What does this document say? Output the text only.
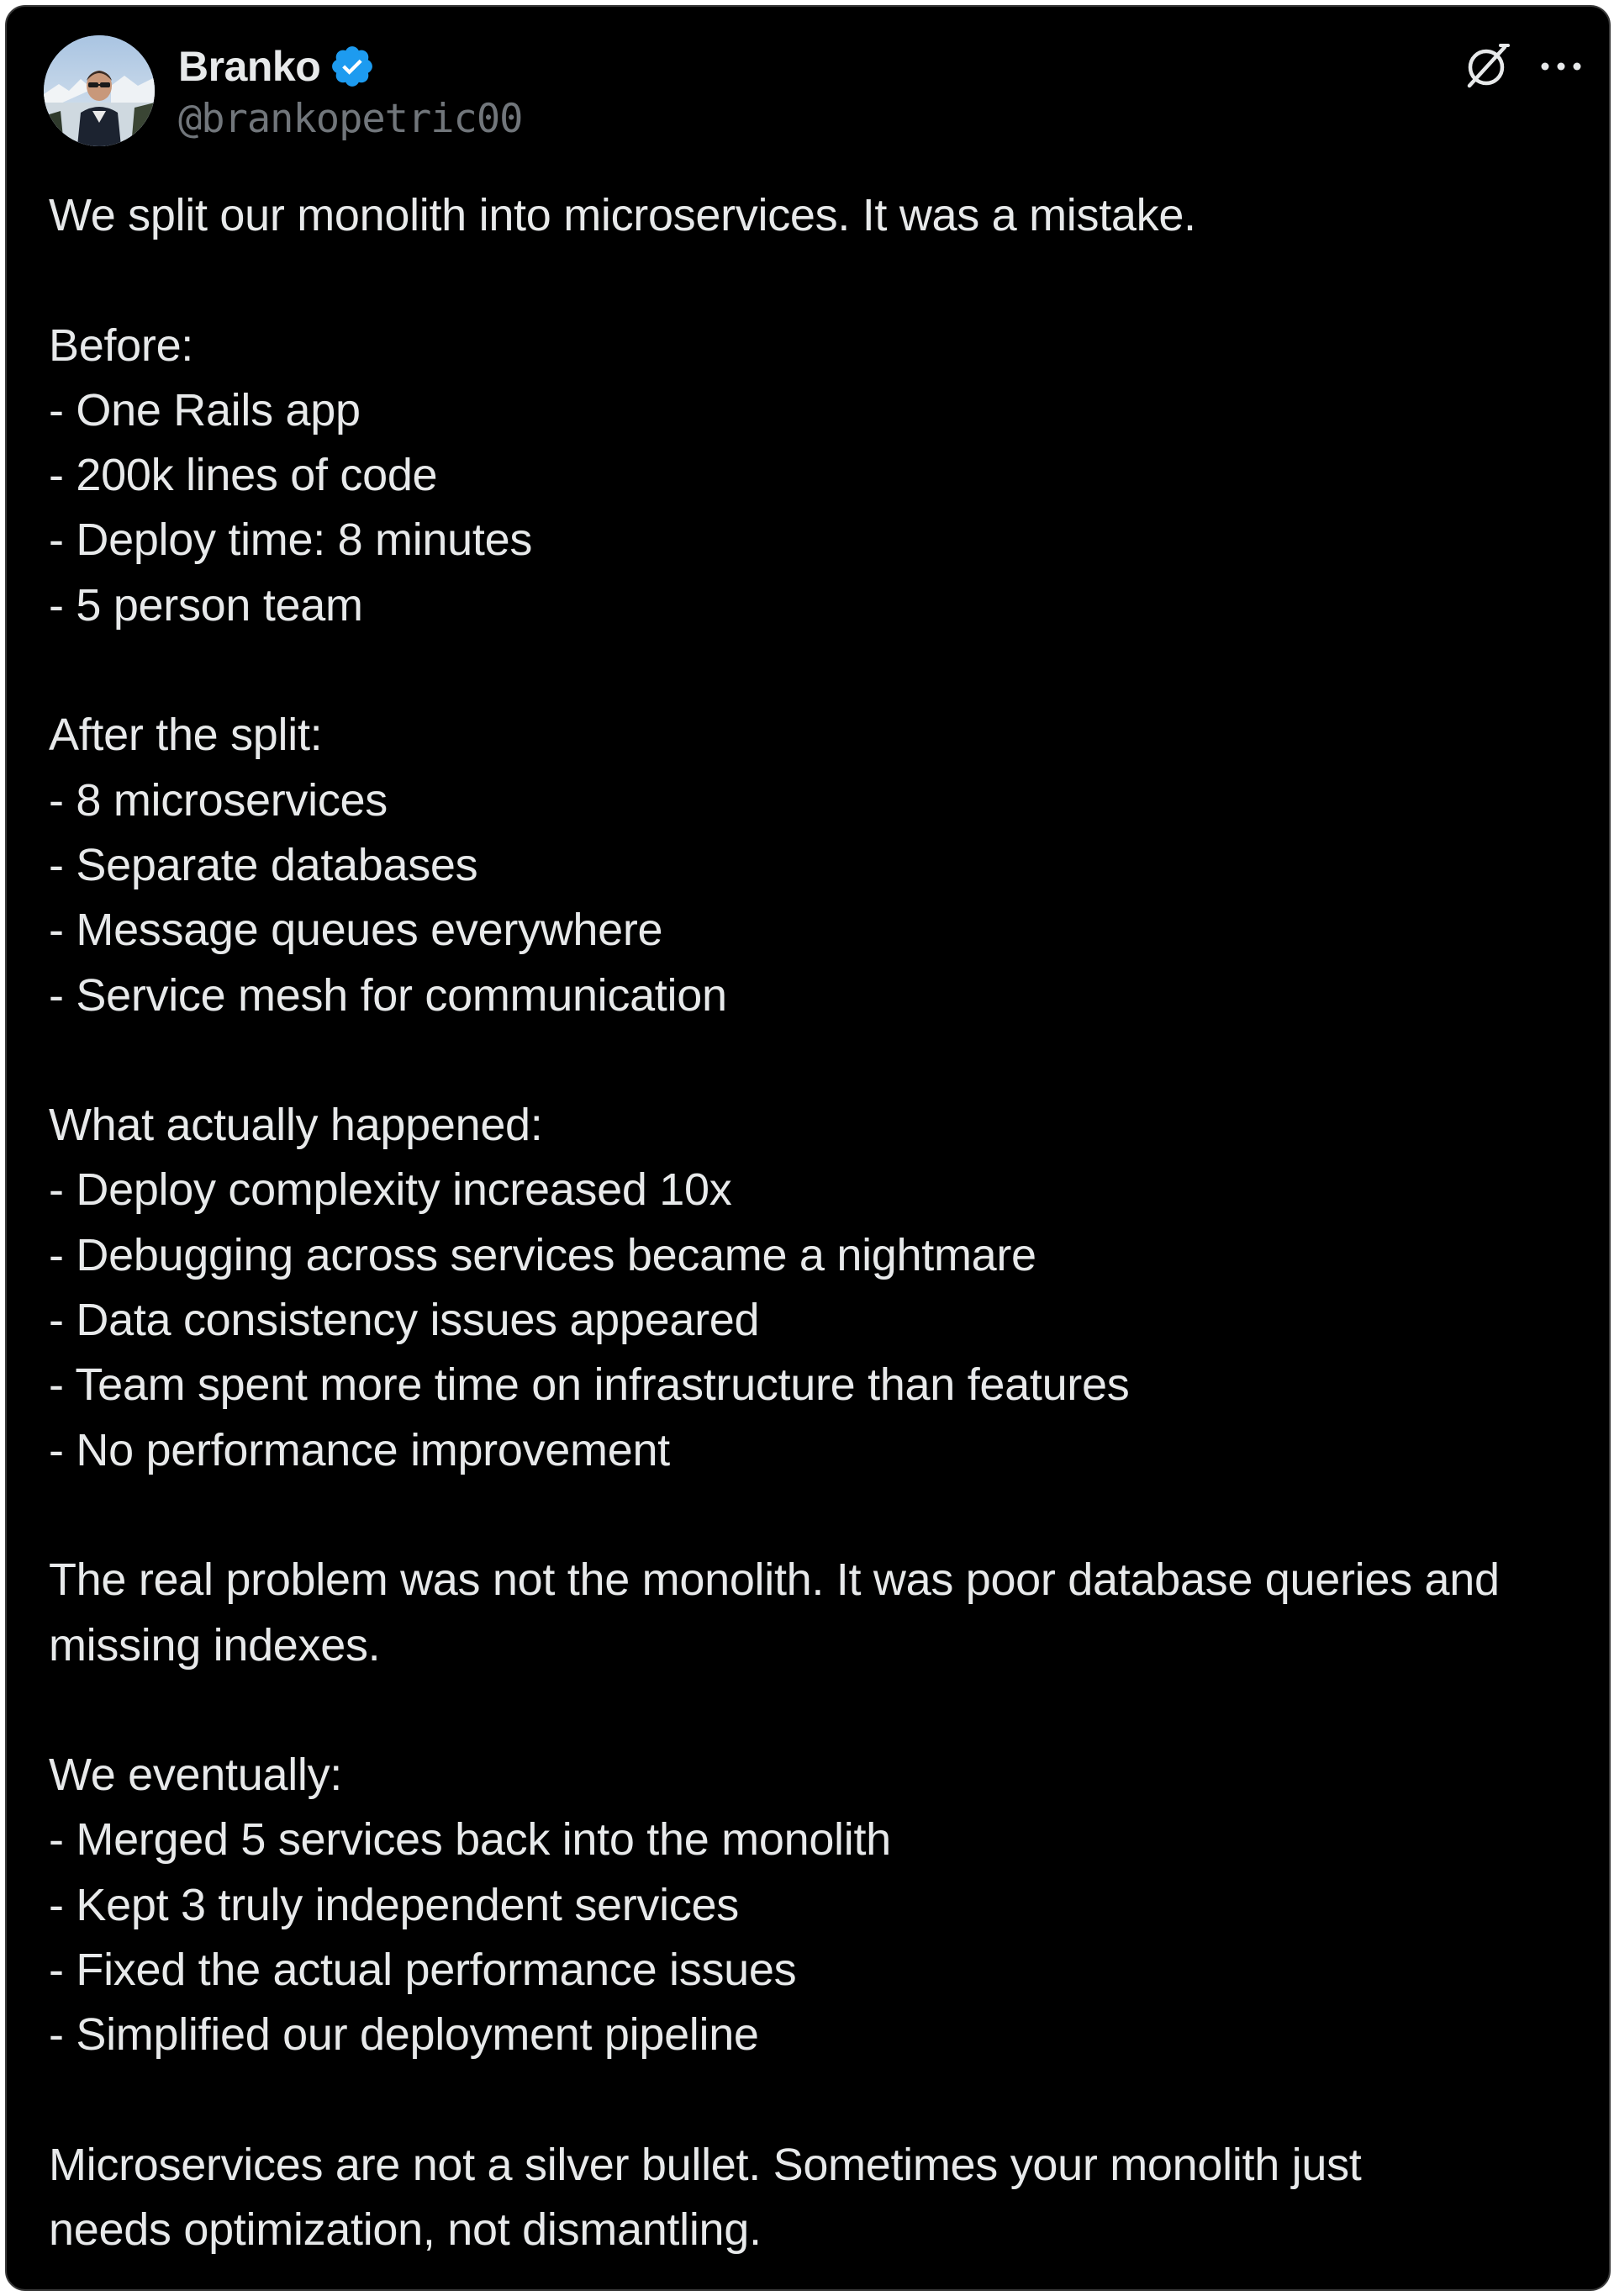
Branko
@brankopetric00
We split our monolith into microservices. It was a mistake.
Before:
- One Rails app
- 200k lines of code
- Deploy time: 8 minutes
- 5 person team
After the split:
- 8 microservices
- Separate databases
- Message queues everywhere
- Service mesh for communication
What actually happened:
- Deploy complexity increased 10x
- Debugging across services became a nightmare
- Data consistency issues appeared
- Team spent more time on infrastructure than features
- No performance improvement
The real problem was not the monolith. It was poor database queries and
missing indexes.
We eventually:
- Merged 5 services back into the monolith
- Kept 3 truly independent services
- Fixed the actual performance issues
- Simplified our deployment pipeline
Microservices are not a silver bullet. Sometimes your monolith just
needs optimization, not dismantling.
